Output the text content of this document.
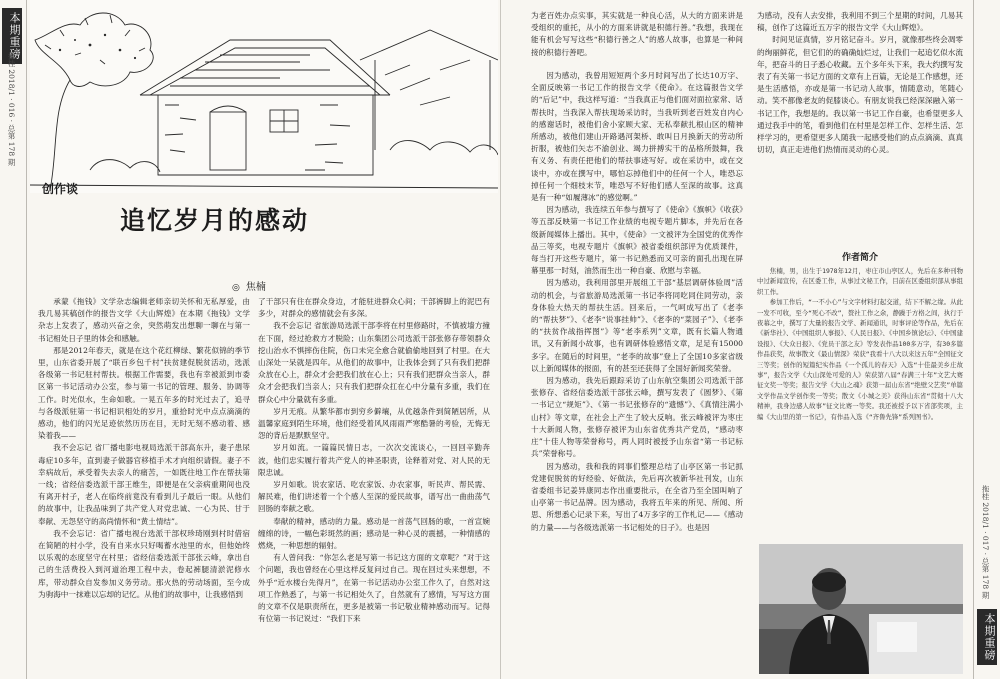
本期重磅
拖桂 2018/1 · 016 · 总第 178 期
创作谈
追忆岁月的感动
◎ 焦楠

承蒙《拖钱》文学杂志编辑老师亲切关怀和无私厚爱，由我几易其稿创作的报告文学《大山辉煌》在本期《拖钱》文学杂志上发表了，感动兴奋之余，突然萌发出想聊一聊在与第一书记相处日子里的体会和感触。

那是2012年春天，就是在这个花红柳绿、繁花似锦的季节里，山东省委开展了“联百乡包千村”扶贫建促脱贫活动，选派各级第一书记驻村帮扶。根据工作需要，我也有幸被派到市委区第一书记活动办公室，参与第一书记的管理、服务、协调等工作。时光似水，生命如歌。一晃五年多的时光过去了，追寻与各级派驻第一书记相识相处的岁月，重拾时光中点点滴滴的感动，他们的闪光足迹依然历历在目，无时无刻不感动着、感染着我——

我不会忘记 省厂播电影电视局选派干部高东升，妻子患尿毒症10多年，直到妻子做器官移植手术才向组织请假。妻子不幸病故后，承受着失去亲人的痛苦，一如既往地工作在帮扶第一线；省经信委选派干部王维生，即便是在父亲病重期间也没有离开村子，老人在临终前竟没有看到儿子最后一眼。从他们的故事中，让我品味到了共产党人对党忠诚、一心为民、甘于奉献、无怨坚守的高尚情怀和“黄土情结”。

我不会忘记：省广播电视台选派干部权珍琦刚到村时借宿在简陋的村小学，没有自来水只好喝蓄水池里的水，但他始终以乐观的态度坚守在村里；省经信委选派干部张云峰，拿出自己的生活费投入到河道治理工程中去，卷起裤腿清淤泥修水库，带动群众自发参加义务劳动。那火热的劳动场面，至今成为驹海中一抹难以忘却的记忆。从他们的故事中，让我感悟到

了干部只有住在群众身边，才能驻进群众心间；干部裤脚上的泥巴有多少，对群众的感情就会有多深。

我不会忘记 省旅游局选派干部李将在村里修路时，不慎被墙方撞在下面，经过抢救方才脱险；山东集团公司选派干部张修存带领群众挖山治水不惧摔伤住院，伤口未完全愈合就偷偷地回到了村里。在大山深处一呆就是四年。从他们的故事中，让我体会到了只有我们把群众放在心上，群众才会把我们放在心上；只有我们把群众当亲人，群众才会把我们当亲人；只有我们把群众扛在心中分量有多重，我们在群众心中分量就有多重。

岁月无痕。从繁华都市到穷乡僻壤，从优越条件到简陋居所，从温馨家庭到陌生环境，他们经受着风风雨雨严寒酷暑的考验，无悔无怨的背后是默默坚守。

岁月如流。一篇篇民情日志，一次次交流谈心，一回回辛勤奔波，他们忠实履行着共产党人的神圣职责，诠释着对党、对人民的无限忠诚。

岁月如歌。说农家话、吃农家饭、办农家事，听民声、帮民需、解民难，他们讲述着一个个感人至深的爱民故事，谱写出一曲曲荡气回肠的奉献之歌。

奉献的精神，感动的力量。感动是一首荡气回肠的歌，一首宣婉缠绵的诗，一幅色彩斑然的画；感动是一种心灵的震撼，一种情感的燃烧，一种思想的辐射。

有人曾问我：“你怎么老是写第一书记这方面的文章呢？”对于这个问题，我也曾经在心里这样反复问过自己。现在回过头来想想，不外乎“近水楼台先得月”，在第一书记活动办公室工作久了，自然对这项工作熟悉了，与第一书记相处久了，自然就有了感情，写写这方面的文章不仅是职责所在，更多是被第一书记敬业精神感动而写。记得有位第一书记说过：“我们下来

为老百姓办点实事，其实就是一种良心活，从大的方面来讲是受组织的重托，从小的方面来讲就是积德行善。”我想，我现在能有机会写写这些“积德行善之人”的感人故事，也算是一种间接的积德行善吧。

因为感动，我曾用短短两个多月时间写出了长达10万字、全面反映第一书记工作的报告文学《使命》。在这篇报告文学的“后记”中，我这样写道：“当我真正与他们面对面拉家常、话帮扶时，当我深入帮扶现场采访时，当我听到老百姓发自内心的感谢话时，被他们舍小家顾大家、无私奉献扎根山区的精神所感动，被他们建山开路遇河架桥、敢叫日月换新天的劳动所折服，被他们矢志不渝创业、竭力拼搏实干的品格所鼓舞，我有义务、有责任把他们的帮扶事迹写好。或在采访中，或在交谈中，亦或在撰写中，哪怕忘掉他们中的任何一个人，唯恐忘掉任何一个细枝末节，唯恐写不好他们感人至深的故事。这真是有一种“如履薄冰”的感觉啊。”

因为感动，我连续五年参与撰写了《使命》《旗帜》《收获》等五部反映第一书记工作业绩的电视专题片脚本，并先后在各级新闻媒体上播出。其中，《使命》一文被评为全国党的优秀作品三等奖，电视专题片《旗帜》被省委组织部评为优质课件，每当打开这些专题片，第一书记熟悉而又可亲的面孔出现在屏幕里那一时刻，油然而生出一种自豪、欣慰与幸福。

因为感动，我利用部里开展组工干部“基层调研体验周”活动的机会，与省旅游局选派第一书记李将同吃同住同劳动，亲身体验大热天的帮扶生活。回来后，一气呵成写出了《老李的“帮扶梦”》、《老李“说事挂帅”》、《老李的“菜园子”》、《老李的“扶贫作战指挥图”》等“老李系列”文章，既有长篇人物通讯，又有新闻小故事，也有调研体验感悟文章，足足有15000多字。在随后的时间里，“老李的故事”登上了全国10多家省级以上新闻媒体的报面，有的甚至还获得了全国好新闻奖荣誉。

因为感动，我先后跟踪采访了山东航空集团公司选派干部张修存、省经信委选派干部张云峰，撰写发表了《圆梦》、《第一书记立“规矩”》、《第一书记张修存的“遗憾”》、《真情注满小山村》等文章，在社会上产生了较大反响。张云峰被评为枣庄十大新闻人物，张修存被评为山东省优秀共产党员，“感动枣庄”十佳人物等荣誉称号，两人同时被授予山东省“第一书记标兵”荣誉称号。

因为感动，我和我的同事们整理总结了山亭区第一书记抓党建促脱贫的好经验、好做法，先后再次被新华社刊发，山东省委组书记姜异康同志作出重要批示，在全省乃至全国叫响了山亭第一书记品牌。因为感动，我将五年来的所见、所闻、所思、所想悉心记录下来，写出了4万多字的工作札记——《感动的力量——与各级选派第一书记相处的日子》。也是因

为感动，没有人去安排，我利用不到三个星期的时间，几易其稿，创作了这篇近五万字的报告文学《大山辉煌》。

时间见证真情，岁月铭记奋斗。岁月，就像那些终会凋零的绚丽鲜花，但它们的的确确灿烂过，让我们一起追忆似水流年，把奋斗的日子悉心收藏。五个多年头下来，我大约撰写发表了有关第一书记方面的文章有上百篇，无论是工作感想，还是生活感悟，亦或是第一书记动人故事，情随意动，笔随心动。笑不都像老友的促膝谈心。有朋友说我已经深深融入第一书记工作，我想是的。我以第一书记工作自豪，也希望更多人通过我手中的笔，看到他们在村里是怎样工作、怎样生活、怎样学习的，更希望更多人随我一起感受他们的点点滴滴、真真切切，真正走进他们热情而灵动的心灵。

作者简介

焦楠，男，出生于1978年12月，枣庄市山亭区人，先后在多种刊物中过新闻宣传，在区委工作，从事过文秘工作，目前在区委组织部从事组织工作。

参加工作后，“一不小心”与文字材料打起交道，结下不解之缘。从此一发不可收，至今“死心不改”，赘社工作之余，静躁于方格之间，执行于夜幕之中，撰写了大量的报告文学、新闻通讯，时事评论等作品，先后在《新华社》、《中国组织人事报》、《人民日报》、《中国乡镇论坛》、《中国建设报》、《大众日报》、《党员干部之友》等发表作品100多万字，有30多篇作品获奖，故事散文《最山情深》荣获“我看十八大以来这五年”全国征文三等奖；创作的短篇纪实作品《一个孤儿的春天》入选“十佳最美乡庄故事”，报告文学《大山深处可爱的人》荣获第八届“春满三十年”文艺大赛征文奖一等奖；报告文学《大山之魂》获第一届山东省“绝壁父艺奖”单篇文学作品文学创作奖一等奖；散文《小城之美》获得山东省“贯彻十八大精神，我身边感人故事”征文比赛一等奖。我还被授予以下省部奖项，主编《大山里的第一书记》，有作品入选《“齐鲁先锋”系列图书》。

拖桂 2018/1 · 017 · 总第 178 期
本期重磅
